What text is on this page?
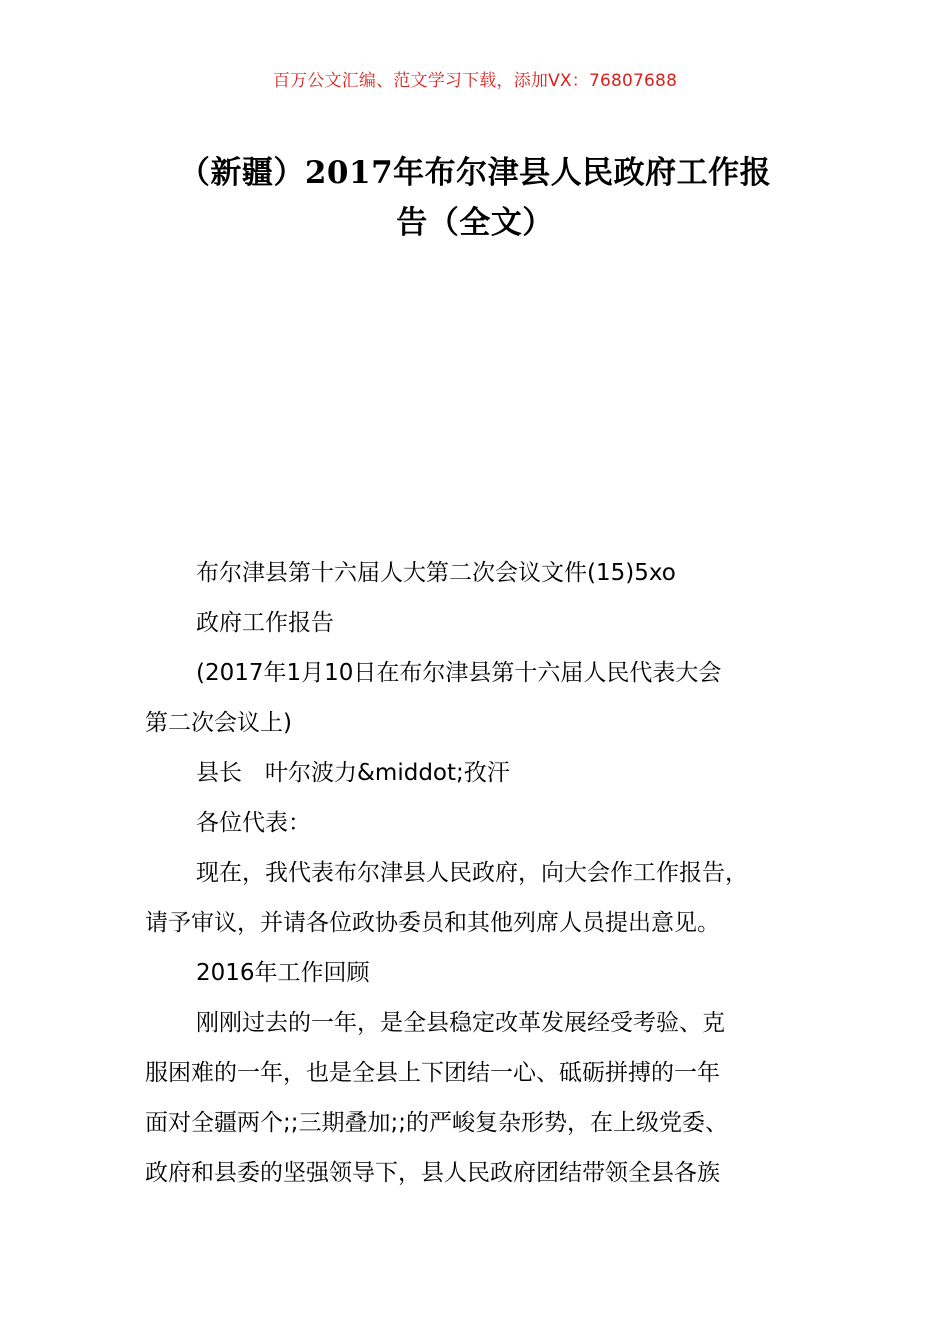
百万公文汇编、范文学习下载，添加VX：76807688
（新疆）2017年布尔津县人民政府工作报
告（全文）

布尔津县第十六届人大第二次会议文件(15)5xo

政府工作报告

(2017年1月10日在布尔津县第十六届人民代表大会
第二次会议上)

县长　叶尔波力&middot;孜汗

各位代表：

现在，我代表布尔津县人民政府，向大会作工作报告，
请予审议，并请各位政协委员和其他列席人员提出意见。

2016年工作回顾

刚刚过去的一年，是全县稳定改革发展经受考验、克
服困难的一年，也是全县上下团结一心、砥砺拼搏的一年
面对全疆两个;;三期叠加;;的严峻复杂形势，在上级党委、
政府和县委的坚强领导下，县人民政府团结带领全县各族
